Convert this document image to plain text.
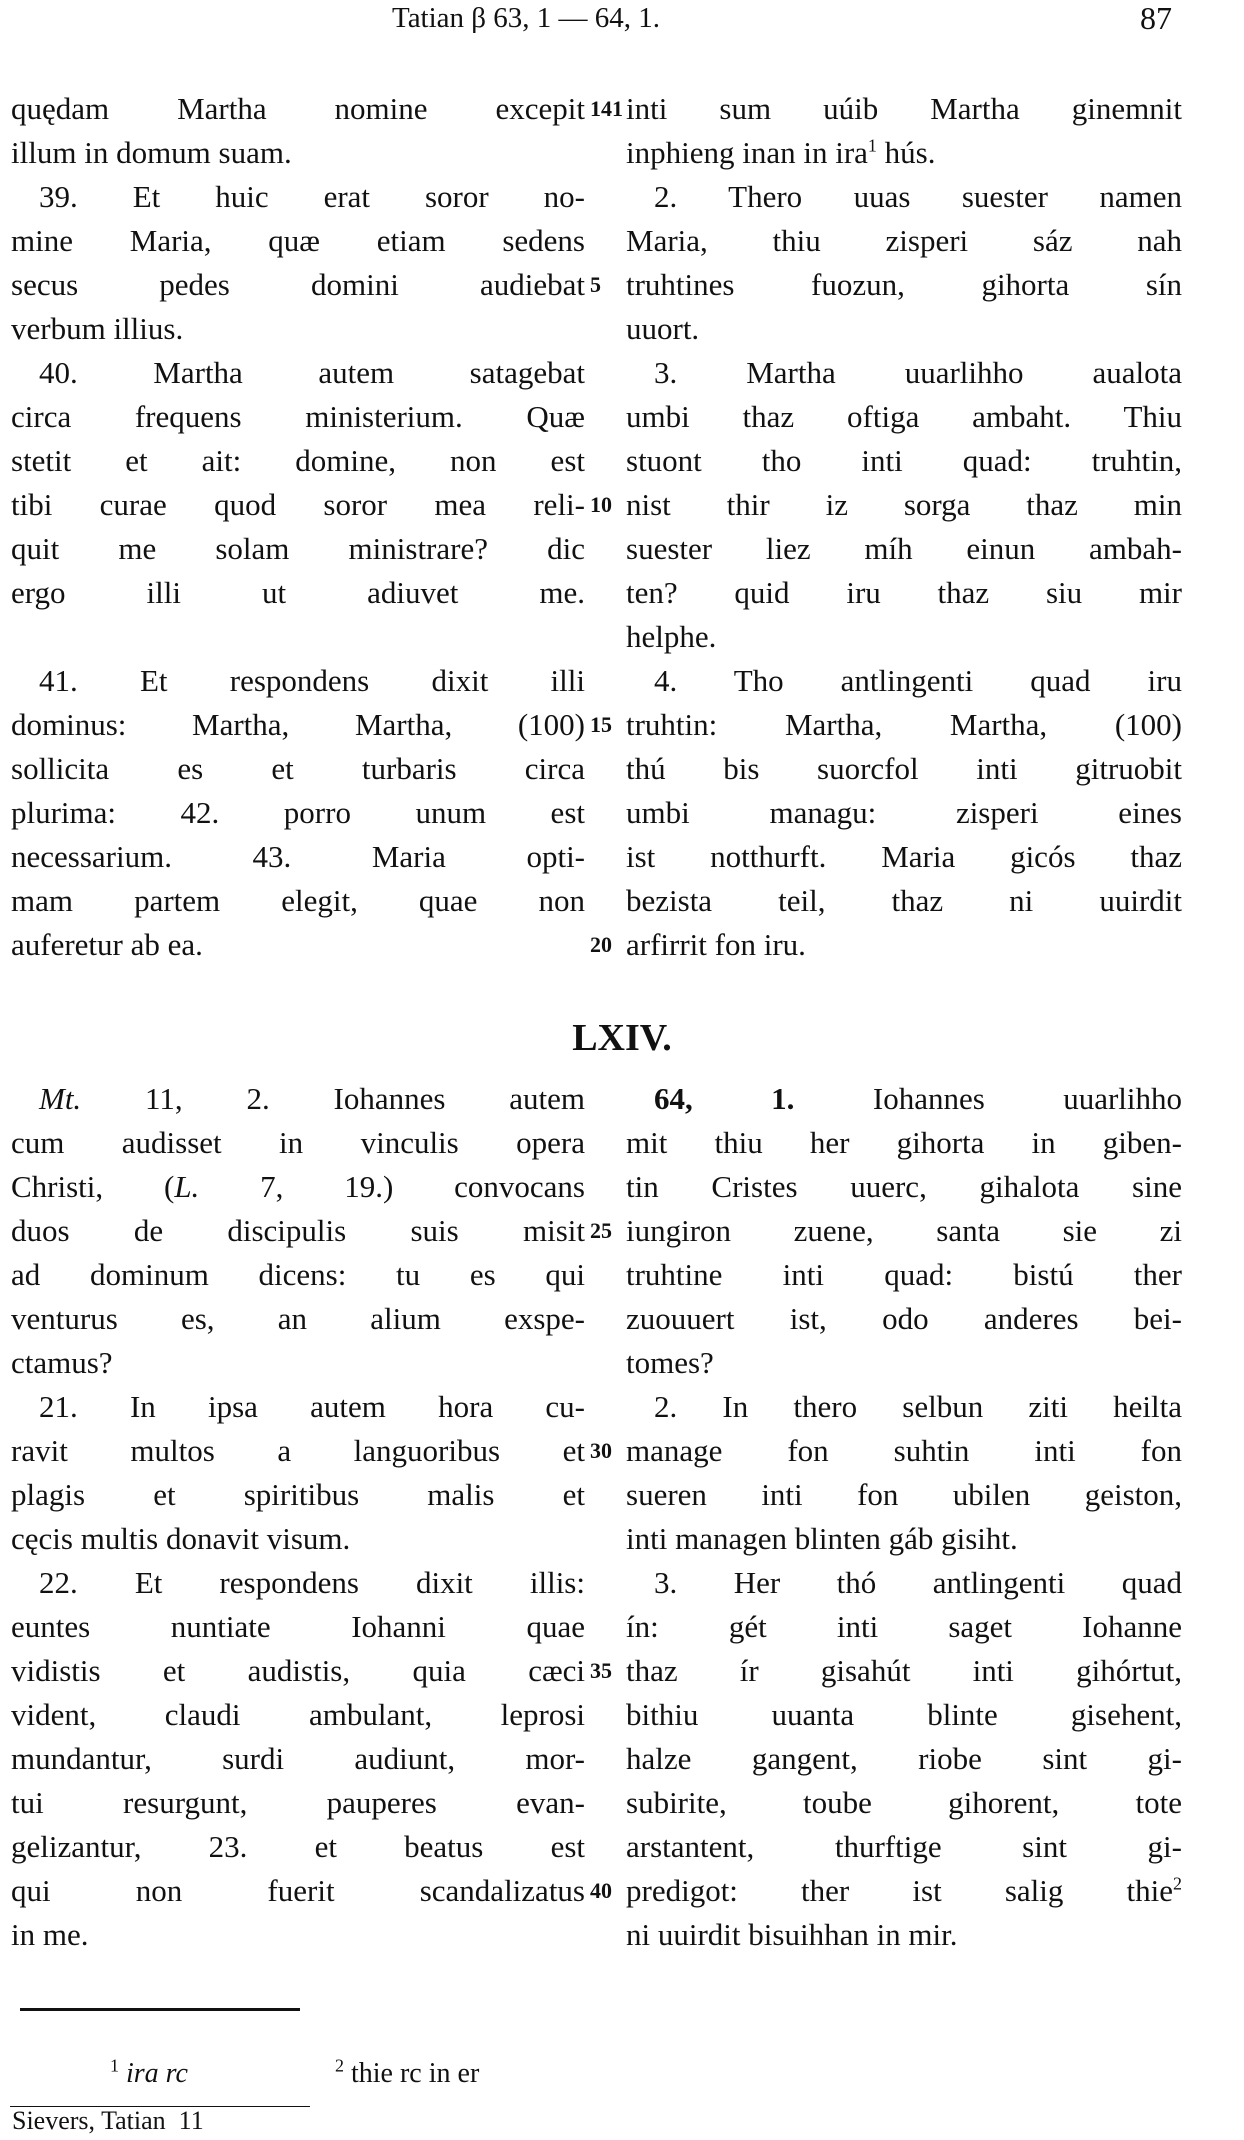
Tatian β 63, 1 — 64, 1.	87
LXIV.
quędam Martha nomine excepit
illum in domum suam.
39. Et huic erat soror no-
mine Maria, quæ etiam sedens
secus pedes domini audiebat
verbum illius.
40. Martha autem satagebat
circa frequens ministerium. Quæ
stetit et ait: domine, non est
tibi curae quod soror mea reli-
quit me solam ministrare? dic
ergo illi ut adiuvet me.
41. Et respondens dixit illi
dominus: Martha, Martha, (100)
sollicita es et turbaris circa
plurima: 42. porro unum est
necessarium. 43. Maria opti-
mam partem elegit, quae non
auferetur ab ea.
141
5
10
15
20
inti sum uúib Martha ginemnit
inphieng inan in ira$^1$ hús.
2. Thero uuas suester namen
Maria, thiu zisperi sáz nah
truhtines fuozun, gihorta sín
uuort.
3. Martha uuarlihho aualota
umbi thaz oftiga ambaht. Thiu
stuont tho inti quad: truhtin,
nist thir iz sorga thaz min
suester liez míh einun ambah-
ten? quid iru thaz siu mir
helphe.
4. Tho antlingenti quad iru
truhtin: Martha, Martha, (100)
thú bis suorcfol inti gitruobit
umbi managu: zisperi eines
ist notthurft. Maria gicós thaz
bezista teil, thaz ni uuirdit
arfirrit fon iru.
Mt. 11, 2. Iohannes autem
cum audisset in vinculis opera
Christi, (L. 7, 19.) convocans
duos de discipulis suis misit
ad dominum dicens: tu es qui
venturus es, an alium exspe-
ctamus?
21. In ipsa autem hora cu-
ravit multos a languoribus et
plagis et spiritibus malis et
cęcis multis donavit visum.
22. Et respondens dixit illis:
euntes nuntiate Iohanni quae
vidistis et audistis, quia cæci
vident, claudi ambulant, leprosi
mundantur, surdi audiunt, mor-
tui resurgunt, pauperes evan-
gelizantur, 23. et beatus est
qui non fuerit scandalizatus
in me.
25
30
35
40
64, 1. Iohannes uuarlihho
mit thiu her gihorta in giben-
tin Cristes uuerc, gihalota sine
iungiron zuene, santa sie zi
truhtine inti quad: bistú ther
zuouuert ist, odo anderes bei-
tomes?
2. In thero selbun ziti heilta
manage fon suhtin inti fon
sueren inti fon ubilen geiston,
inti managen blinten gáb gisiht.
3. Her thó antlingenti quad
ín: gét inti saget Iohanne
thaz ír gisahút inti gihórtut,
bithiu uuanta blinte gisehent,
halze gangent, riobe sint gi-
subirite, toube gihorent, tote
arstantent, thurftige sint gi-
predigot: ther ist salig thie$^2$
ni uuirdit bisuihhan in mir.
$^1$ ira rc	$^2$ thie rc in er
Sievers, Tatian  11
